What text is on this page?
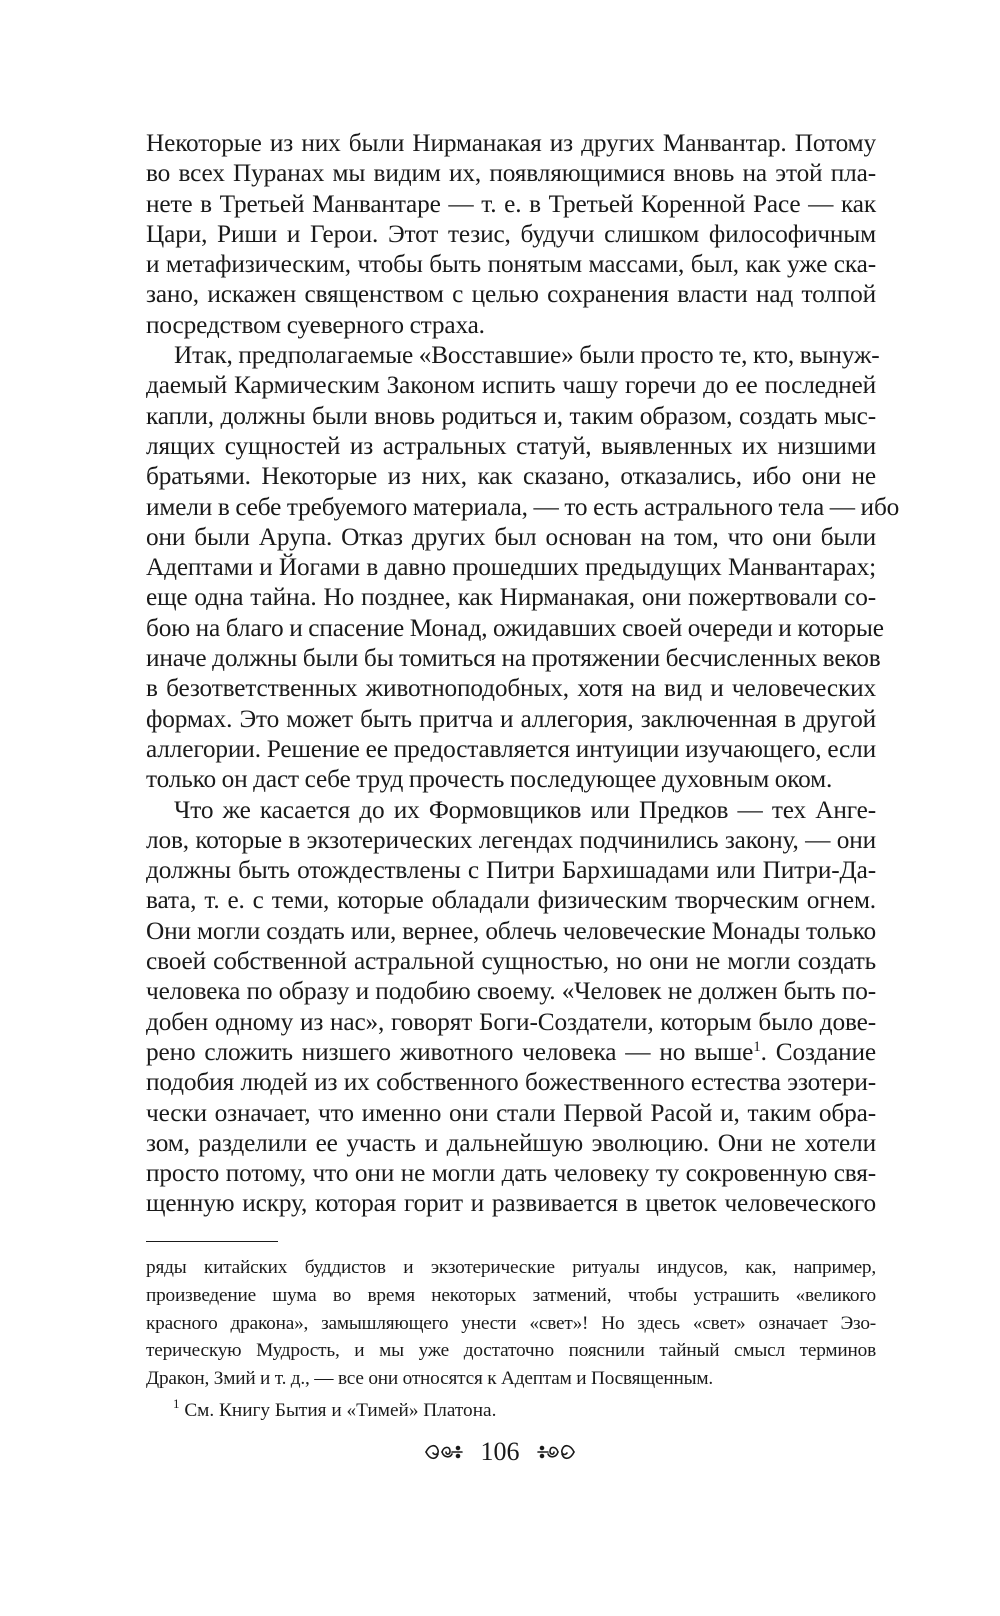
Некоторые из них были Нирманакая из других Манвантар. Потому
во всех Пуранах мы видим их, появляющимися вновь на этой пла-
нете в Третьей Манвантаре — т. е. в Третьей Коренной Расе — как
Цари, Риши и Герои. Этот тезис, будучи слишком философичным
и метафизическим, чтобы быть понятым массами, был, как уже ска-
зано, искажен священством с целью сохранения власти над толпой
посредством суеверного страха.

Итак, предполагаемые «Восставшие» были просто те, кто, вынуж-
даемый Кармическим Законом испить чашу горечи до ее последней
капли, должны были вновь родиться и, таким образом, создать мыс-
лящих сущностей из астральных статуй, выявленных их низшими
братьями. Некоторые из них, как сказано, отказались, ибо они не
имели в себе требуемого материала, — то есть астрального тела — ибо
они были Арупа. Отказ других был основан на том, что они были
Адептами и Йогами в давно прошедших предыдущих Манвантарах;
еще одна тайна. Но позднее, как Нирманакая, они пожертвовали со-
бою на благо и спасение Монад, ожидавших своей очереди и которые
иначе должны были бы томиться на протяжении бесчисленных веков
в безответственных животноподобных, хотя на вид и человеческих
формах. Это может быть притча и аллегория, заключенная в другой
аллегории. Решение ее предоставляется интуиции изучающего, если
только он даст себе труд прочесть последующее духовным оком.

Что же касается до их Формовщиков или Предков — тех Анге-
лов, которые в экзотерических легендах подчинились закону, — они
должны быть отождествлены с Питри Бархишадами или Питри-Да-
вата, т. е. с теми, которые обладали физическим творческим огнем.
Они могли создать или, вернее, облечь человеческие Монады только
своей собственной астральной сущностью, но они не могли создать
человека по образу и подобию своему. «Человек не должен быть по-
добен одному из нас», говорят Боги-Создатели, которым было дове-
рено сложить низшего животного человека — но выше$^1$. Создание
подобия людей из их собственного божественного естества эзотери-
чески означает, что именно они стали Первой Расой и, таким обра-
зом, разделили ее участь и дальнейшую эволюцию. Они не хотели
просто потому, что они не могли дать человеку ту сокровенную свя-
щенную искру, которая горит и развивается в цветок человеческого

ряды китайских буддистов и экзотерические ритуалы индусов, как, например,
произведение шума во время некоторых затмений, чтобы устрашить «великого
красного дракона», замышляющего унести «свет»! Но здесь «свет» означает Эзо-
терическую Мудрость, и мы уже достаточно пояснили тайный смысл терминов
Дракон, Змий и т. д., — все они относятся к Адептам и Посвященным.
$^1$ См. Книгу Бытия и «Тимей» Платона.
106
